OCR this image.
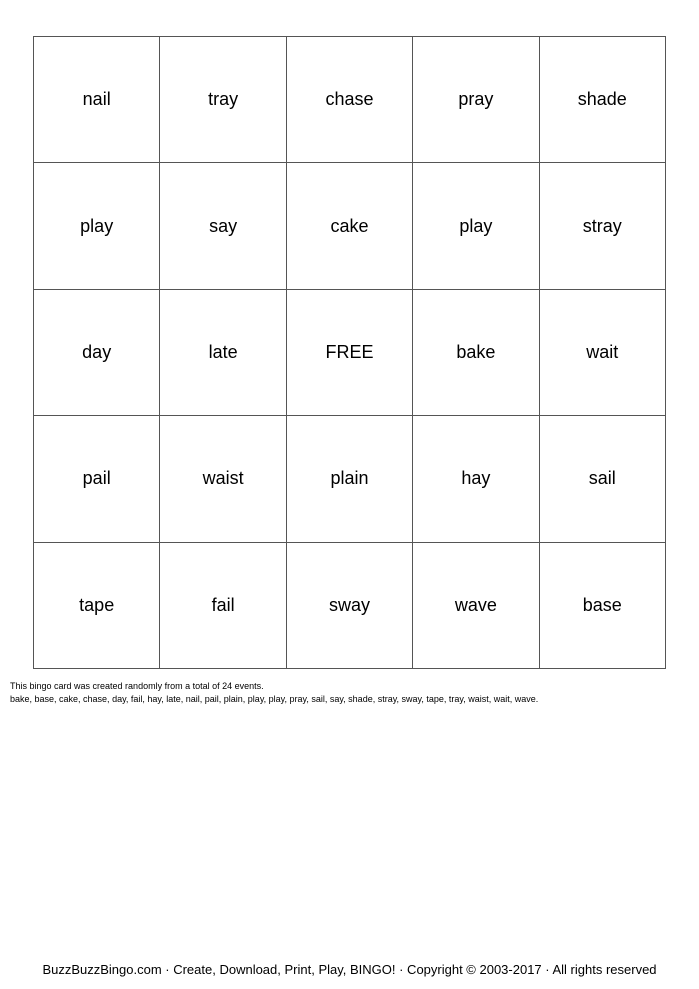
nail	tray	chase	pray	shade
play	say	cake	play	stray
day	late	FREE	bake	wait
pail	waist	plain	hay	sail
tape	fail	sway	wave	base
This bingo card was created randomly from a total of 24 events.
bake, base, cake, chase, day, fail, hay, late, nail, pail, plain, play, play, pray, sail, say, shade, stray, sway, tape, tray, waist, wait, wave.
BuzzBuzzBingo.com · Create, Download, Print, Play, BINGO! · Copyright © 2003-2017 · All rights reserved
